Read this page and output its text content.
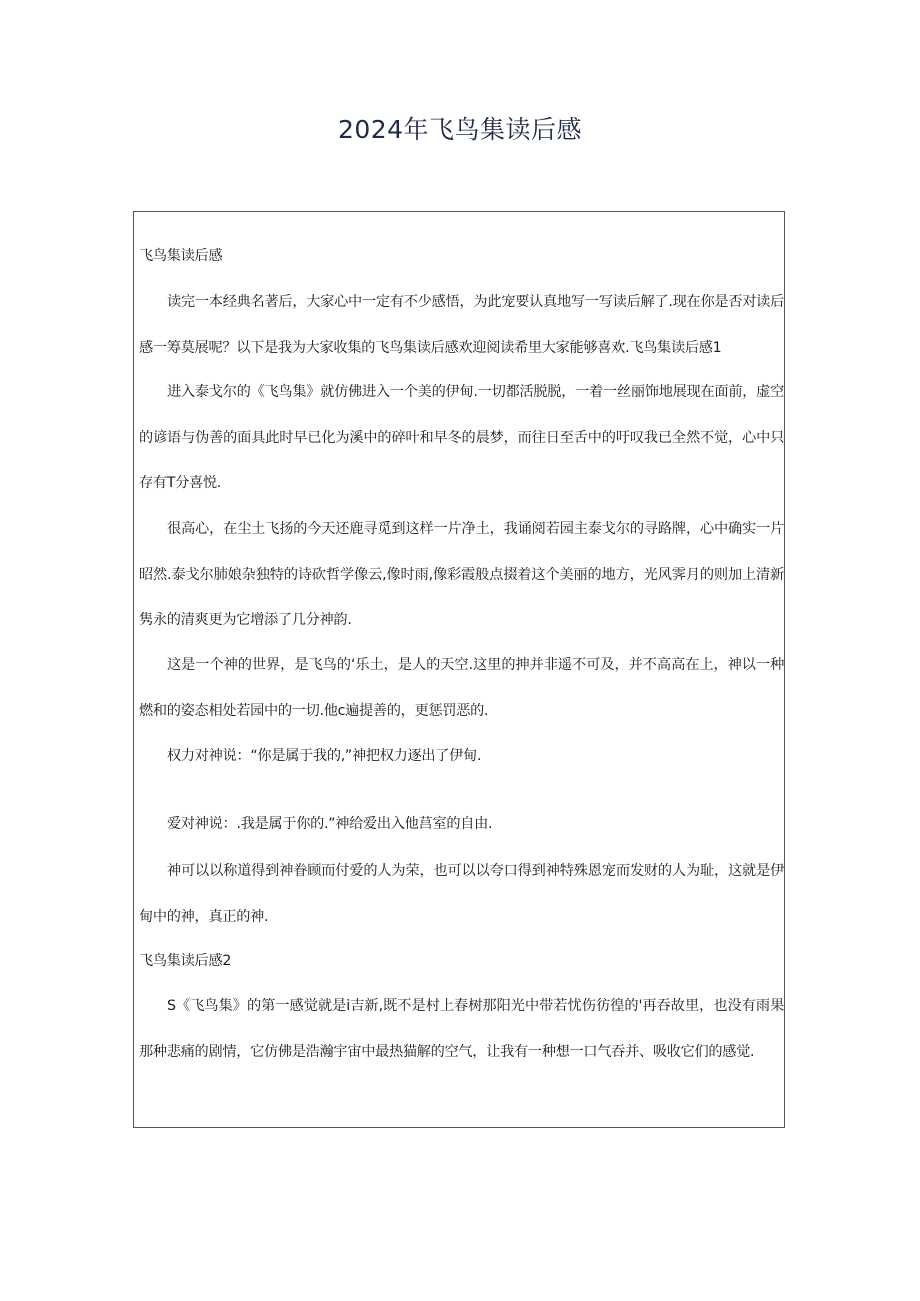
2024年飞鸟集读后感

飞鸟集读后感

读完一本经典名著后，大家心中一定有不少感悟，为此宠要认真地写一写读后解了.现在你是否对读后感一筹莫展呢？以下是我为大家收集的飞鸟集读后感欢迎阅读希里大家能够喜欢.飞鸟集读后感1

进入泰戈尔的《飞鸟集》就仿佛进入一个美的伊甸.一切都活脱脱，一着一丝丽饰地展现在面前，虚空的谚语与伪善的面具此时早已化为溪中的碎叶和早冬的晨梦，而往日至舌中的吁叹我已全然不觉，心中只存有T分喜悦.

很高心，在尘土飞扬的今天还鹿寻觅到这样一片净土，我诵阅若园主泰戈尔的寻路牌，心中确实一片昭然.泰戈尔肺娘杂独特的诗砍哲学像云,像时雨,像彩霞般点掇着这个美丽的地方，光风霁月的则加上清新隽永的清爽更为它增添了几分神韵.

这是一个神的世界，是飞鸟的‘乐土，是人的天空.这里的抻并非遥不可及，并不高高在上，神以一种燃和的姿态相处若园中的一切.他c遍提善的，更惩罚恶的.

权力对神说：“你是属于我的,”神把权力逐出了伊甸.

爱对神说：.我是属于你的.”神给爱出入他莒室的自由.

神可以以称道得到神眷顾而付爱的人为荣，也可以以夸口得到神特殊恩宠而发财的人为耻，这就是伊甸中的神，真正的神.

飞鸟集读后感2

S《飞鸟集》的第一感觉就是i吉新,既不是村上春树那阳光中带若忧伤彷徨的'再吞故里，也没有雨果那种悲痛的剧情，它仿佛是浩瀚宇宙中最热猫解的空气，让我有一种想一口气吞并、吸收它们的感觉.
